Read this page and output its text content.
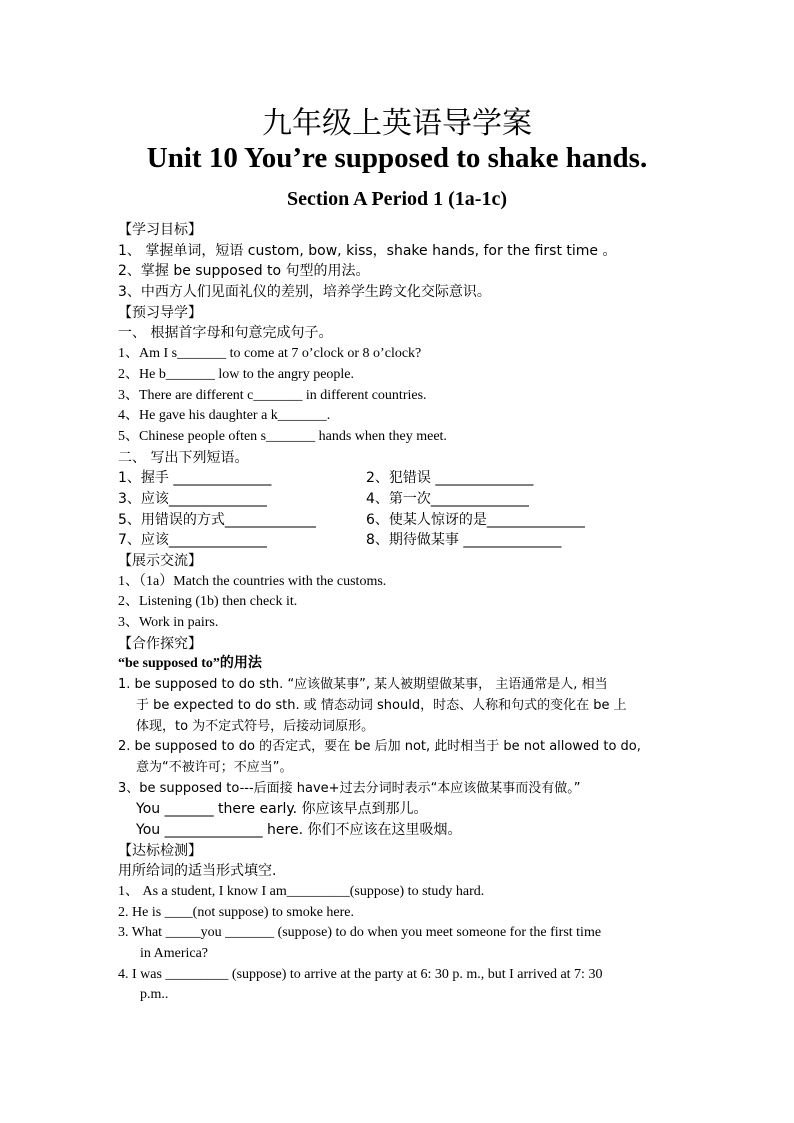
九年级上英语导学案
Unit 10 You’re supposed to shake hands.
Section A Period 1 (1a-1c)
【学习目标】
1、 掌握单词，短语 custom, bow, kiss，shake hands, for the first time 。
2、掌握 be supposed to 句型的用法。
3、中西方人们见面礼仪的差别，培养学生跨文化交际意识。
【预习导学】
一、 根据首字母和句意完成句子。
1、Am I s_______ to come at 7 o’clock or 8 o’clock?
2、He b_______ low to the angry people.
3、There are different c_______ in different countries.
4、He gave his daughter a k_______.
5、Chinese people often s_______ hands when they meet.
二、 写出下列短语。
1、握手 ______________	2、犯错误 ______________
3、应该______________	4、第一次______________
5、用错误的方式_____________	6、使某人惊讶的是______________
7、应该______________	8、期待做某事 ______________
【展示交流】
1、（1a）Match the countries with the customs.
2、Listening (1b) then check it.
3、Work in pairs.
【合作探究】
“be supposed to”的用法
1. be supposed to do sth. “应该做某事”, 某人被期望做某事， 主语通常是人, 相当
于 be expected to do sth. 或 情态动词 should，时态、人称和句式的变化在 be 上
体现，to 为不定式符号，后接动词原形。
2. be supposed to do 的否定式，要在 be 后加 not, 此时相当于 be not allowed to do,
意为“不被许可；不应当”。
3、be supposed to---后面接 have+过去分词时表示“本应该做某事而没有做。”
You _______ there early. 你应该早点到那儿。
You ______________ here. 你们不应该在这里吸烟。
【达标检测】
用所给词的适当形式填空.
1、 As a student, I know I am_________(suppose) to study hard.
2. He is ____(not suppose) to smoke here.
3. What _____you _______ (suppose) to do when you meet someone for the first time
in America?
4. I was _________ (suppose) to arrive at the party at 6: 30 p. m., but I arrived at 7: 30
p.m..
